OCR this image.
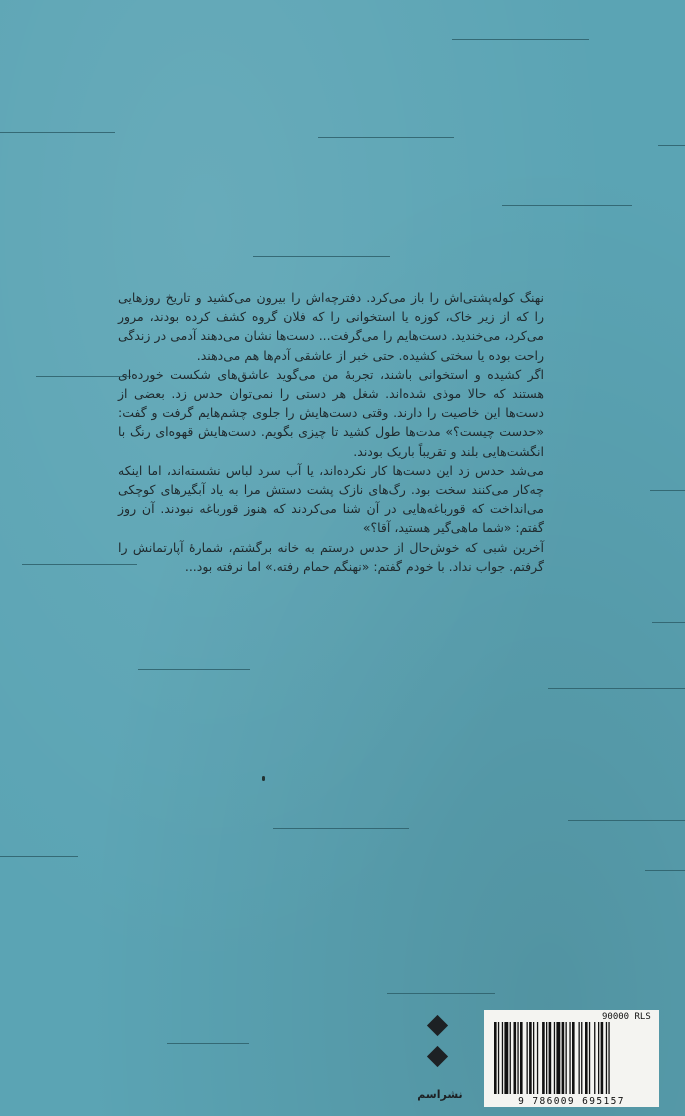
نهنگ کوله‌پشتی‌اش را باز می‌کرد. دفترچه‌اش را بیرون می‌کشید و تاریخ روزهایی را که از زیر خاک، کوزه یا استخوانی را که فلان گروه کشف کرده بودند، مرور می‌کرد، می‌خندید. دست‌هایم را می‌گرفت... دست‌ها نشان می‌دهند آدمی در زندگی راحت بوده یا سختی کشیده. حتی خبر از عاشقی آدم‌ها هم می‌دهند.

اگر کشیده و استخوانی باشند، تجربهٔ من می‌گوید عاشق‌های شکست خورده‌ای هستند که حالا موذی شده‌اند. شغل هر دستی را نمی‌توان حدس زد. بعضی از دست‌ها این خاصیت را دارند. وقتی دست‌هایش را جلوی چشم‌هایم گرفت و گفت: «حدست چیست؟» مدت‌ها طول کشید تا چیزی بگویم. دست‌هایش قهوه‌ای رنگ با انگشت‌هایی بلند و تقریباً باریک بودند.

می‌شد حدس زد این دست‌ها کار نکرده‌اند، یا آب سرد لباس نشسته‌اند، اما اینکه چه‌کار می‌کنند سخت بود. رگ‌های نازک پشت دستش مرا به یاد آبگیرهای کوچکی می‌انداخت که قورباغه‌هایی در آن شنا می‌کردند که هنوز قورباغه نبودند. آن روز گفتم: «شما ماهی‌گیر هستید، آقا؟»

آخرین شبی که خوش‌حال از حدس درستم به خانه برگشتم، شمارهٔ آپارتمانش را گرفتم. جواب نداد. با خودم گفتم: «نهنگم حمام رفته.» اما نرفته بود...

نشراسم
90000 RLS
9 786009 695157
